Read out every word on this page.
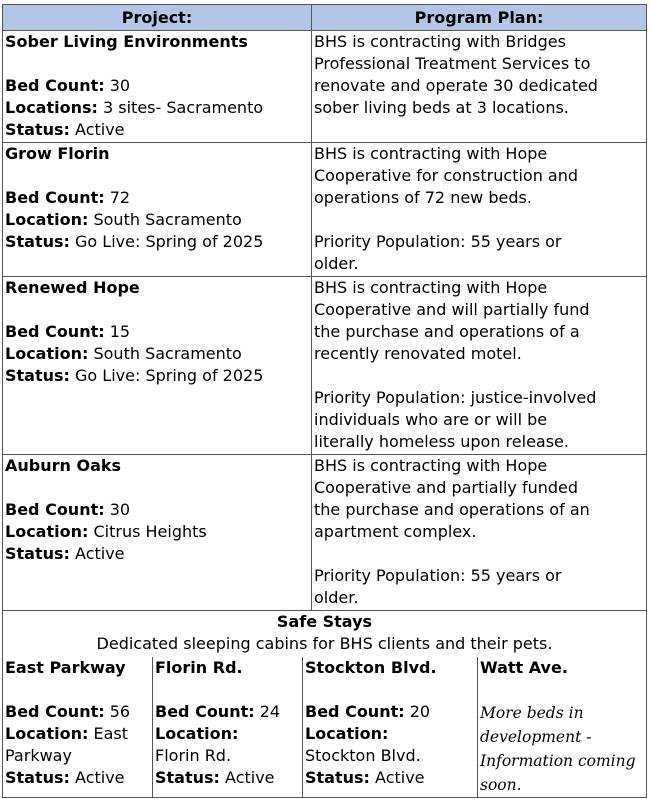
Project:	Program Plan:
Sober Living Environments
Bed Count: 30
Locations: 3 sites- Sacramento
Status: Active
BHS is contracting with Bridges
Professional Treatment Services to
renovate and operate 30 dedicated
sober living beds at 3 locations.
Grow Florin
Bed Count: 72
Location: South Sacramento
Status: Go Live: Spring of 2025
BHS is contracting with Hope
Cooperative for construction and
operations of 72 new beds.
Priority Population: 55 years or
older.
Renewed Hope
Bed Count: 15
Location: South Sacramento
Status: Go Live: Spring of 2025
BHS is contracting with Hope
Cooperative and will partially fund
the purchase and operations of a
recently renovated motel.
Priority Population: justice-involved
individuals who are or will be
literally homeless upon release.
Auburn Oaks
Bed Count: 30
Location: Citrus Heights
Status: Active
BHS is contracting with Hope
Cooperative and partially funded
the purchase and operations of an
apartment complex.
Priority Population: 55 years or
older.
Safe Stays
Dedicated sleeping cabins for BHS clients and their pets.
East Parkway
Bed Count: 56
Location: East
Parkway
Status: Active
Florin Rd.
Bed Count: 24
Location:
Florin Rd.
Status: Active
Stockton Blvd.
Bed Count: 20
Location:
Stockton Blvd.
Status: Active
Watt Ave.
More beds in
development -
Information coming
soon.
